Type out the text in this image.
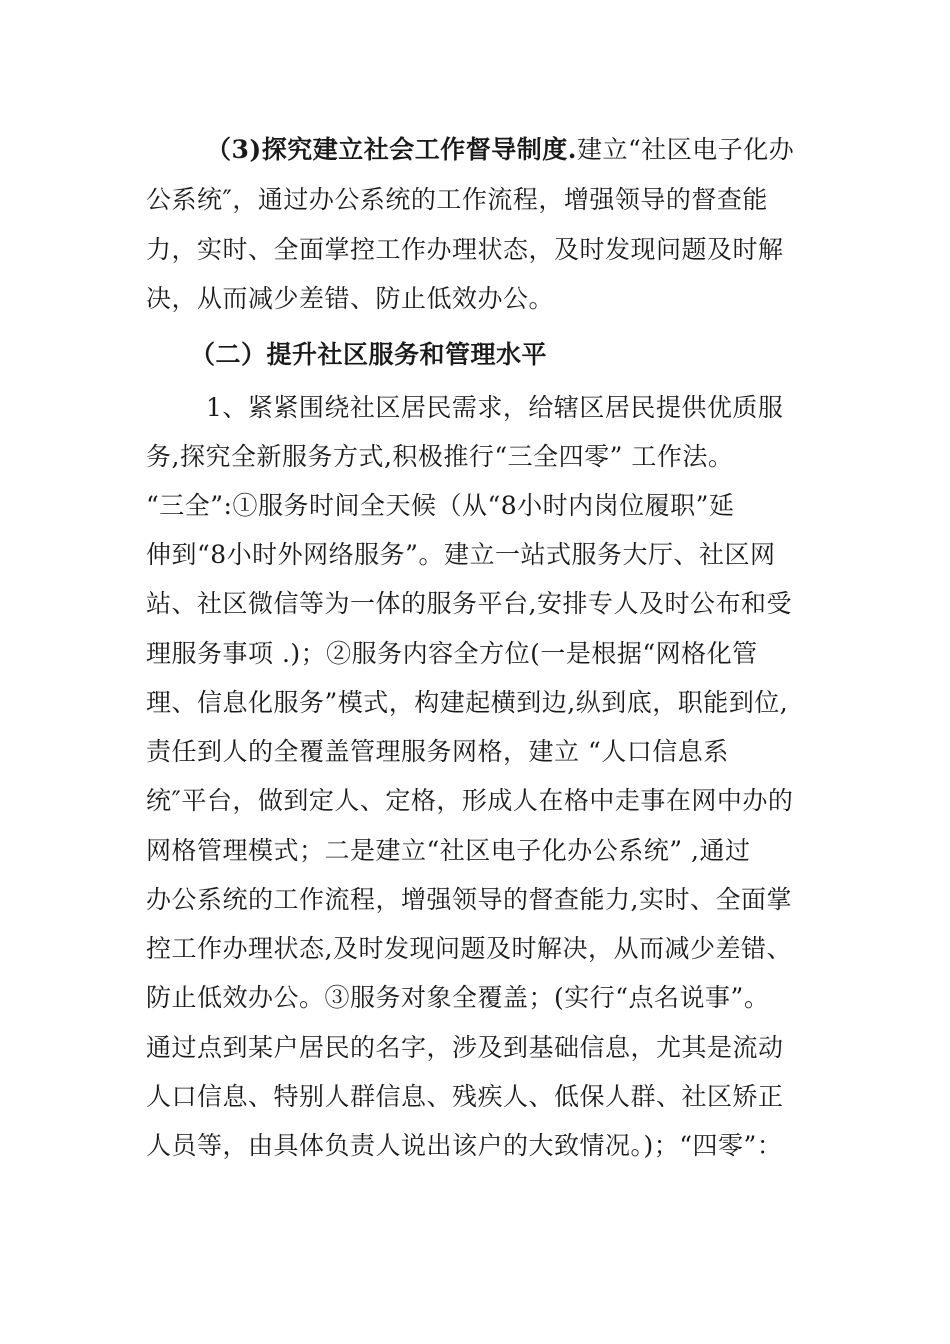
（3)探究建立社会工作督导制度.建立“社区电子化办
公系统″，通过办公系统的工作流程，增强领导的督查能
力，实时、全面掌控工作办理状态，及时发现问题及时解
决，从而减少差错、防止低效办公。
（二）提升社区服务和管理水平
1、紧紧围绕社区居民需求，给辖区居民提供优质服
务,探究全新服务方式,积极推行“三全四零” 工作法。
“三全”:①服务时间全天候（从“8小时内岗位履职”延
伸到“8小时外网络服务”。建立一站式服务大厅、社区网
站、社区微信等为一体的服务平台,安排专人及时公布和受
理服务事项 .)；②服务内容全方位(一是根据“网格化管
理、信息化服务”模式，构建起横到边,纵到底，职能到位,
责任到人的全覆盖管理服务网格，建立 “人口信息系
统″平台，做到定人、定格，形成人在格中走事在网中办的
网格管理模式；二是建立“社区电子化办公系统” ,通过
办公系统的工作流程，增强领导的督查能力,实时、全面掌
控工作办理状态,及时发现问题及时解决，从而减少差错、
防止低效办公。③服务对象全覆盖；(实行“点名说事”。
通过点到某户居民的名字，涉及到基础信息，尤其是流动
人口信息、特别人群信息、残疾人、低保人群、社区矫正
人员等，由具体负责人说出该户的大致情况。)；“四零”：
